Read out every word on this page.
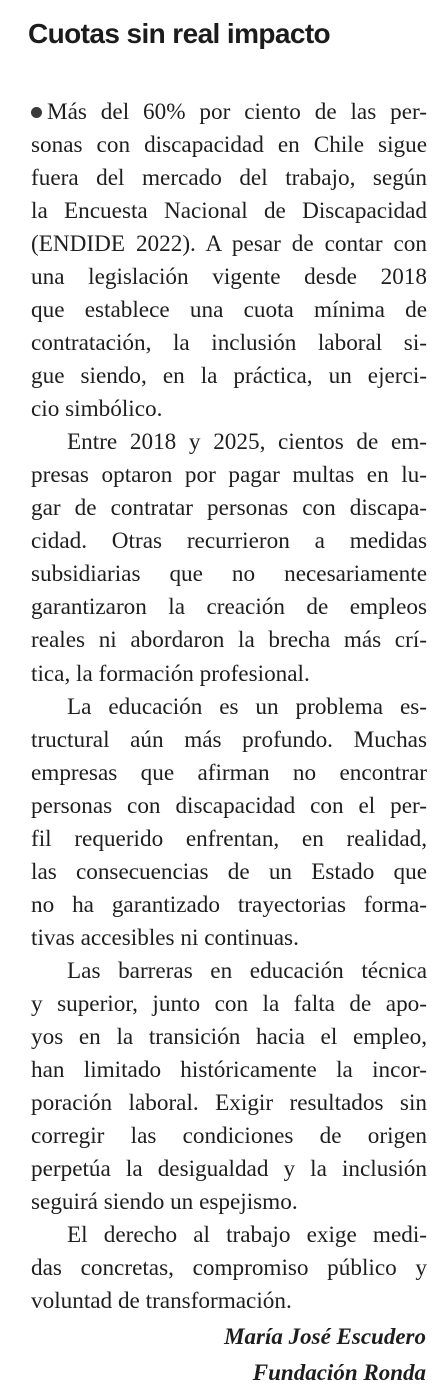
Cuotas sin real impacto

Más del 60% por ciento de las per-

sonas con discapacidad en Chile sigue

fuera del mercado del trabajo, según

la Encuesta Nacional de Discapacidad

(ENDIDE 2022). A pesar de contar con

una legislación vigente desde 2018

que establece una cuota mínima de

contratación, la inclusión laboral si-

gue siendo, en la práctica, un ejerci-

cio simbólico.

Entre 2018 y 2025, cientos de em-

presas optaron por pagar multas en lu-

gar de contratar personas con discapa-

cidad. Otras recurrieron a medidas

subsidiarias que no necesariamente

garantizaron la creación de empleos

reales ni abordaron la brecha más crí-

tica, la formación profesional.

La educación es un problema es-

tructural aún más profundo. Muchas

empresas que afirman no encontrar

personas con discapacidad con el per-

fil requerido enfrentan, en realidad,

las consecuencias de un Estado que

no ha garantizado trayectorias forma-

tivas accesibles ni continuas.

Las barreras en educación técnica

y superior, junto con la falta de apo-

yos en la transición hacia el empleo,

han limitado históricamente la incor-

poración laboral. Exigir resultados sin

corregir las condiciones de origen

perpetúa la desigualdad y la inclusión

seguirá siendo un espejismo.

El derecho al trabajo exige medi-

das concretas, compromiso público y

voluntad de transformación.

María José Escudero

Fundación Ronda
